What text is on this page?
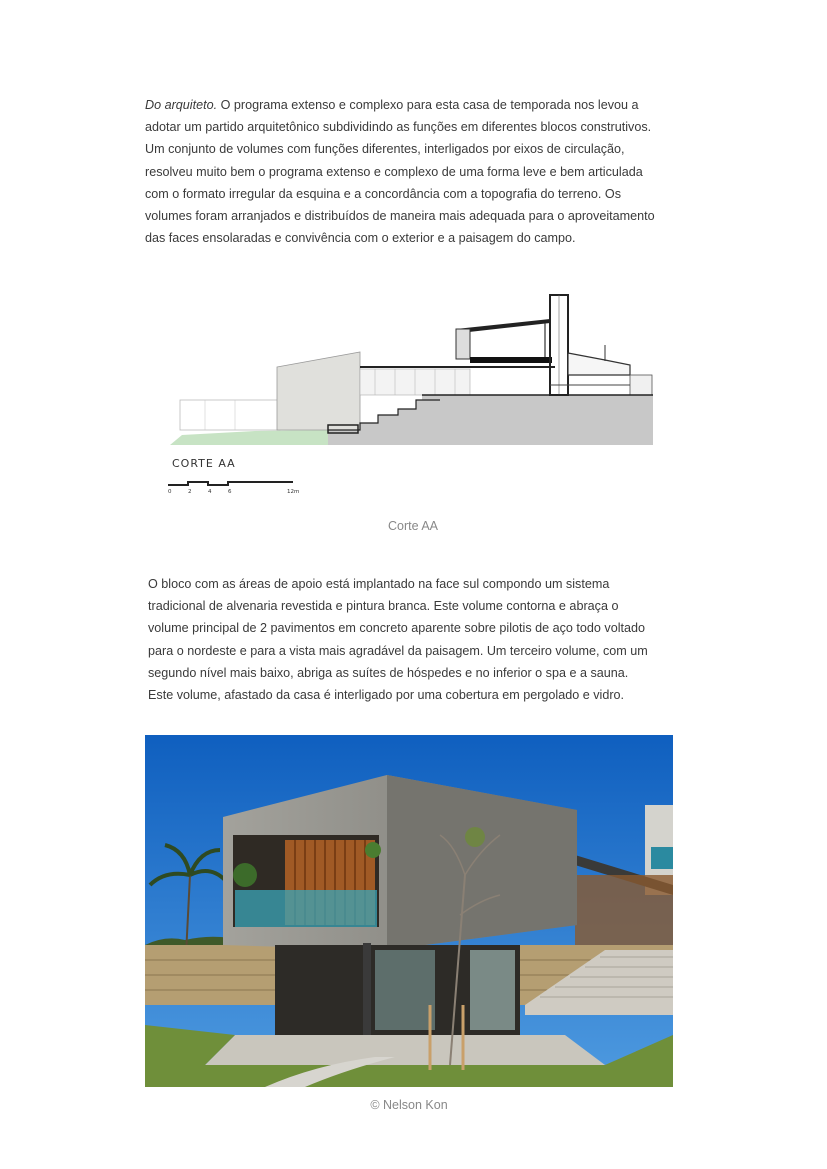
Do arquiteto. O programa extenso e complexo para esta casa de temporada nos levou a
adotar um partido arquitetônico subdividindo as funções em diferentes blocos construtivos.
Um conjunto de volumes com funções diferentes, interligados por eixos de circulação,
resolveu muito bem o programa extenso e complexo de uma forma leve e bem articulada
com o formato irregular da esquina e a concordância com a topografia do terreno. Os
volumes foram arranjados e distribuídos de maneira mais adequada para o aproveitamento
das faces ensolaradas e convivência com o exterior e a paisagem do campo.
CORTE AA
0	2	4	6	12m
Corte AA
O bloco com as áreas de apoio está implantado na face sul compondo um sistema
tradicional de alvenaria revestida e pintura branca. Este volume contorna e abraça o
volume principal de 2 pavimentos em concreto aparente sobre pilotis de aço todo voltado
para o nordeste e para a vista mais agradável da paisagem. Um terceiro volume, com um
segundo nível mais baixo, abriga as suítes de hóspedes e no inferior o spa e a sauna.
Este volume, afastado da casa é interligado por uma cobertura em pergolado e vidro.
© Nelson Kon
